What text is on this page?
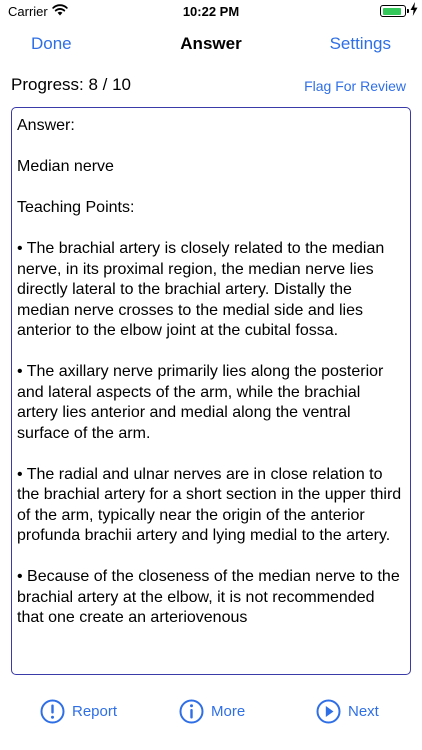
Carrier	10:22 PM
Done	Answer	Settings
Progress: 8 / 10	Flag For Review

Answer:

Median nerve

Teaching Points:

• The brachial artery is closely related to the median nerve, in its proximal region, the median nerve lies directly lateral to the brachial artery. Distally the median nerve crosses to the medial side and lies anterior to the elbow joint at the cubital fossa.

• The axillary nerve primarily lies along the posterior and lateral aspects of the arm, while the brachial artery lies anterior and medial along the ventral surface of the arm.

• The radial and ulnar nerves are in close relation to the brachial artery for a short section in the upper third of the arm, typically near the origin of the anterior profunda brachii artery and lying medial to the artery.

• Because of the closeness of the median nerve to the brachial artery at the elbow, it is not recommended that one create an arteriovenous

Report	More	Next
